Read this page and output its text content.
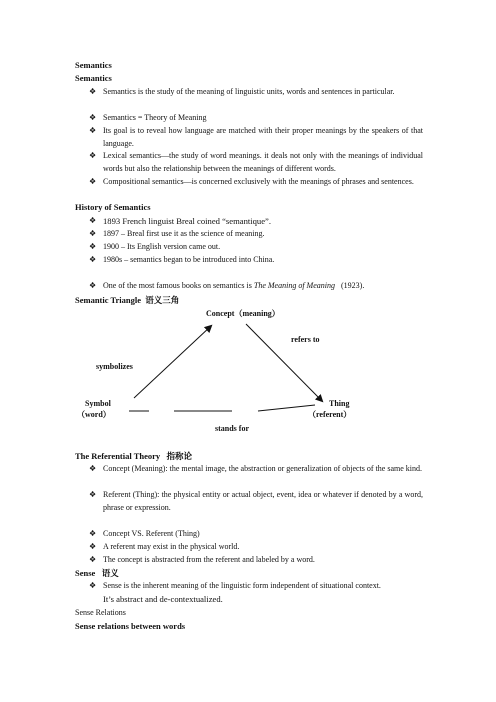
Semantics
Semantics
❖ Semantics is the study of the meaning of linguistic units, words and sentences in particular.
❖ Semantics = Theory of Meaning
❖ Its goal is to reveal how language are matched with their proper meanings by the speakers of that language.
❖ Lexical semantics—the study of word meanings. it deals not only with the meanings of individual words but also the relationship between the meanings of different words.
❖ Compositional semantics—is concerned exclusively with the meanings of phrases and sentences.
History of Semantics
❖ 1893 French linguist Breal coined “semantique”.
❖ 1897 – Breal first use it as the science of meaning.
❖ 1900 – Its English version came out.
❖ 1980s – semantics began to be introduced into China.
❖ One of the most famous books on semantics is The Meaning of Meaning (1923).
Semantic Triangle 语义三角
Concept（meaning）
refers to
symbolizes
Symbol
（word）
Thing
（referent）
stands for
The Referential Theory 指称论
❖ Concept (Meaning): the mental image, the abstraction or generalization of objects of the same kind.
❖ Referent (Thing): the physical entity or actual object, event, idea or whatever if denoted by a word, phrase or expression.
❖ Concept VS. Referent (Thing)
❖ A referent may exist in the physical world.
❖ The concept is abstracted from the referent and labeled by a word.
Sense 语义
❖ Sense is the inherent meaning of the linguistic form independent of situational context.
It’s abstract and de-contextualized.
Sense Relations
Sense relations between words
